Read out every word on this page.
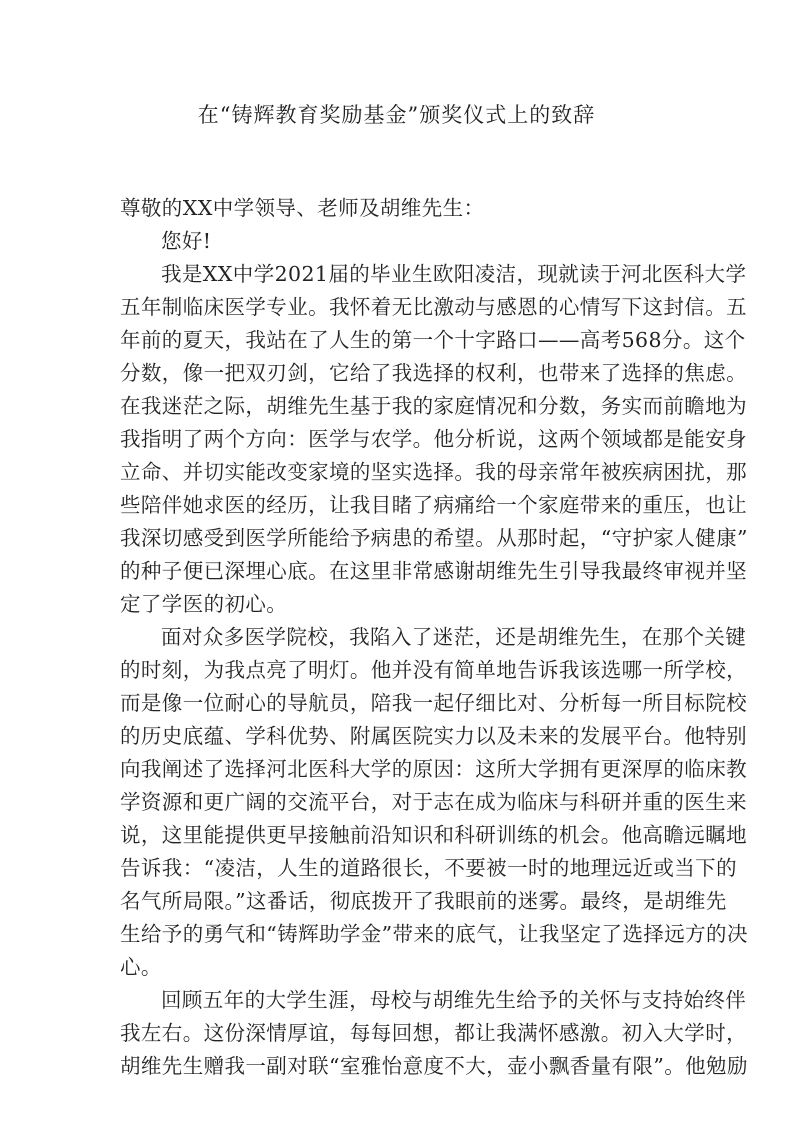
在“铸辉教育奖励基金”颁奖仪式上的致辞
尊敬的XX中学领导、老师及胡维先生：
您好!
我是XX中学2021届的毕业生欧阳凌洁，现就读于河北医科大学
五年制临床医学专业。我怀着无比激动与感恩的心情写下这封信。五
年前的夏天，我站在了人生的第一个十字路口——高考568分。这个
分数，像一把双刃剑，它给了我选择的权利，也带来了选择的焦虑。
在我迷茫之际，胡维先生基于我的家庭情况和分数，务实而前瞻地为
我指明了两个方向：医学与农学。他分析说，这两个领域都是能安身
立命、并切实能改变家境的坚实选择。我的母亲常年被疾病困扰，那
些陪伴她求医的经历，让我目睹了病痛给一个家庭带来的重压，也让
我深切感受到医学所能给予病患的希望。从那时起，“守护家人健康”
的种子便已深埋心底。在这里非常感谢胡维先生引导我最终审视并坚
定了学医的初心。
面对众多医学院校，我陷入了迷茫，还是胡维先生，在那个关键
的时刻，为我点亮了明灯。他并没有简单地告诉我该选哪一所学校，
而是像一位耐心的导航员，陪我一起仔细比对、分析每一所目标院校
的历史底蕴、学科优势、附属医院实力以及未来的发展平台。他特别
向我阐述了选择河北医科大学的原因：这所大学拥有更深厚的临床教
学资源和更广阔的交流平台，对于志在成为临床与科研并重的医生来
说，这里能提供更早接触前沿知识和科研训练的机会。他高瞻远瞩地
告诉我：“凌洁，人生的道路很长，不要被一时的地理远近或当下的
名气所局限。”这番话，彻底拨开了我眼前的迷雾。最终，是胡维先
生给予的勇气和“铸辉助学金”带来的底气，让我坚定了选择远方的决
心。
回顾五年的大学生涯，母校与胡维先生给予的关怀与支持始终伴
我左右。这份深情厚谊，每每回想，都让我满怀感激。初入大学时，
胡维先生赠我一副对联“室雅怡意度不大，壶小飘香量有限”。他勉励
